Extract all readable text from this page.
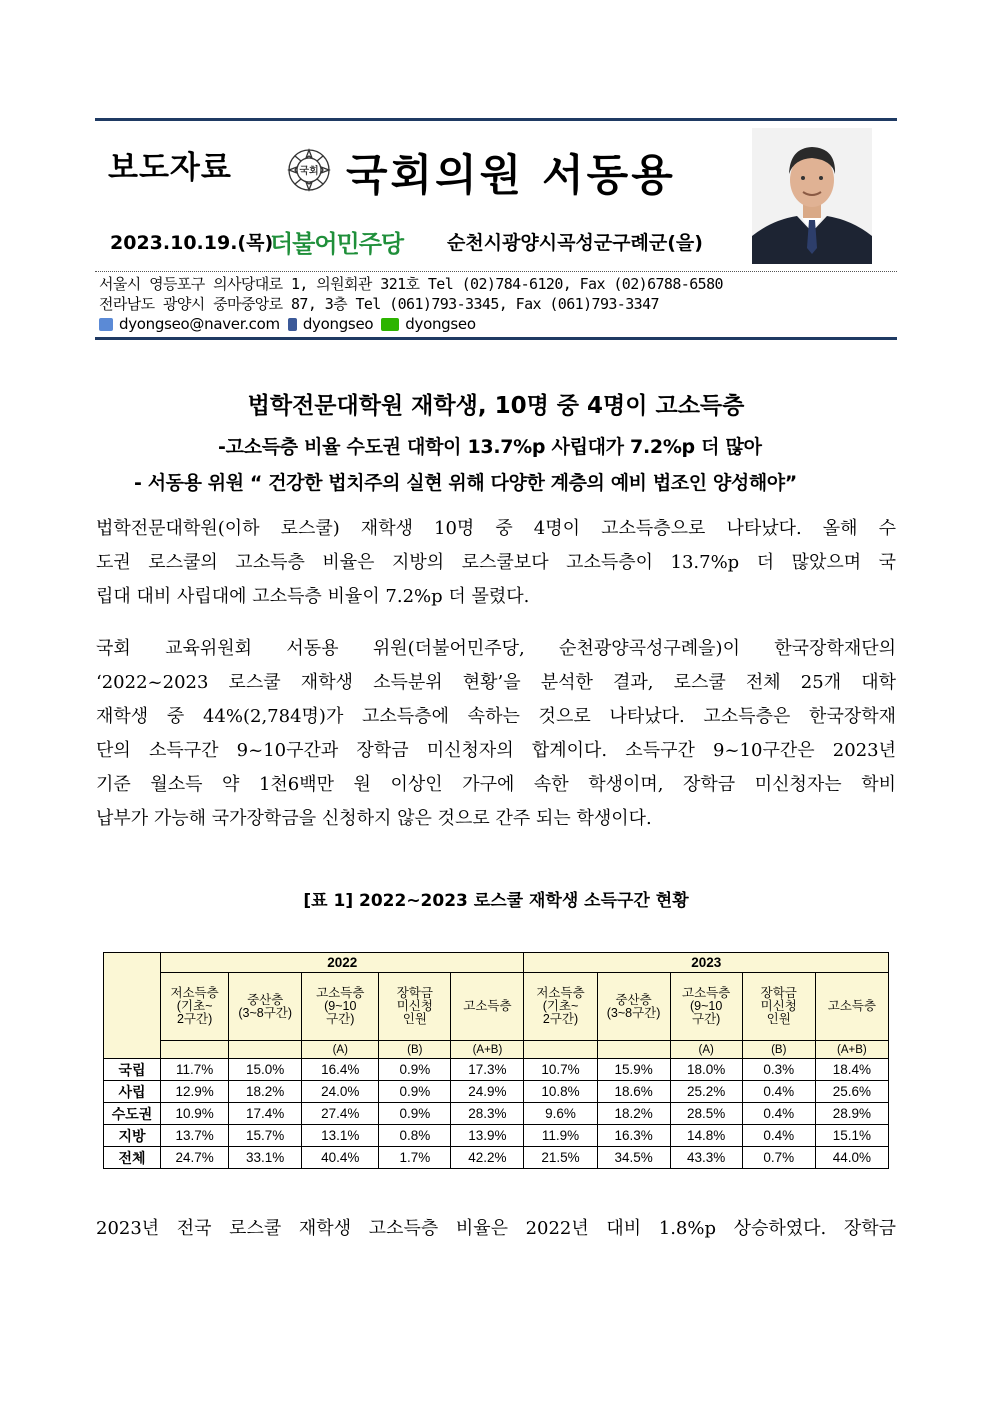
보도자료	국회 국회의원 서동용
2023.10.19.(목)
더불어민주당 순천시광양시곡성군구례군(을)
서울시 영등포구 의사당대로 1, 의원회관 321호 Tel (02)784-6120, Fax (02)6788-6580
전라남도 광양시 중마중앙로 87, 3층 Tel (061)793-3345, Fax (061)793-3347
dyongseo@naver.com dyongseo dyongseo
법학전문대학원 재학생, 10명 중 4명이 고소득층
-고소득층 비율 수도권 대학이 13.7%p 사립대가 7.2%p 더 많아
- 서동용 위원 “ 건강한 법치주의 실현 위해 다양한 계층의 예비 법조인 양성해야”
법학전문대학원(이하 로스쿨) 재학생 10명 중 4명이 고소득층으로 나타났다. 올해 수
도권 로스쿨의 고소득층 비율은 지방의 로스쿨보다 고소득층이 13.7%p 더 많았으며 국
립대 대비 사립대에 고소득층 비율이 7.2%p 더 몰렸다.
국회 교육위원회 서동용 위원(더불어민주당, 순천광양곡성구례을)이 한국장학재단의
‘2022~2023 로스쿨 재학생 소득분위 현황’을 분석한 결과, 로스쿨 전체 25개 대학
재학생 중 44%(2,784명)가 고소득층에 속하는 것으로 나타났다. 고소득층은 한국장학재
단의 소득구간 9~10구간과 장학금 미신청자의 합계이다. 소득구간 9~10구간은 2023년
기준 월소득 약 1천6백만 원 이상인 가구에 속한 학생이며, 장학금 미신청자는 학비
납부가 가능해 국가장학금을 신청하지 않은 것으로 간주 되는 학생이다.
[표 1] 2022~2023 로스쿨 재학생 소득구간 현황
	2022					2023				
	저소득층
(기초~
2구간)	중산층
(3~8구간)	고소득층
(9~10
구간)	장학금
미신청
인원	고소득층	저소득층
(기초~
2구간)	중산층
(3~8구간)	고소득층
(9~10
구간)	장학금
미신청
인원	고소득층
			(A)	(B)	(A+B)			(A)	(B)	(A+B)
국립	11.7%	15.0%	16.4%	0.9%	17.3%	10.7%	15.9%	18.0%	0.3%	18.4%
사립	12.9%	18.2%	24.0%	0.9%	24.9%	10.8%	18.6%	25.2%	0.4%	25.6%
수도권	10.9%	17.4%	27.4%	0.9%	28.3%	9.6%	18.2%	28.5%	0.4%	28.9%
지방	13.7%	15.7%	13.1%	0.8%	13.9%	11.9%	16.3%	14.8%	0.4%	15.1%
전체	24.7%	33.1%	40.4%	1.7%	42.2%	21.5%	34.5%	43.3%	0.7%	44.0%
2023년 전국 로스쿨 재학생 고소득층 비율은 2022년 대비 1.8%p 상승하였다. 장학금
